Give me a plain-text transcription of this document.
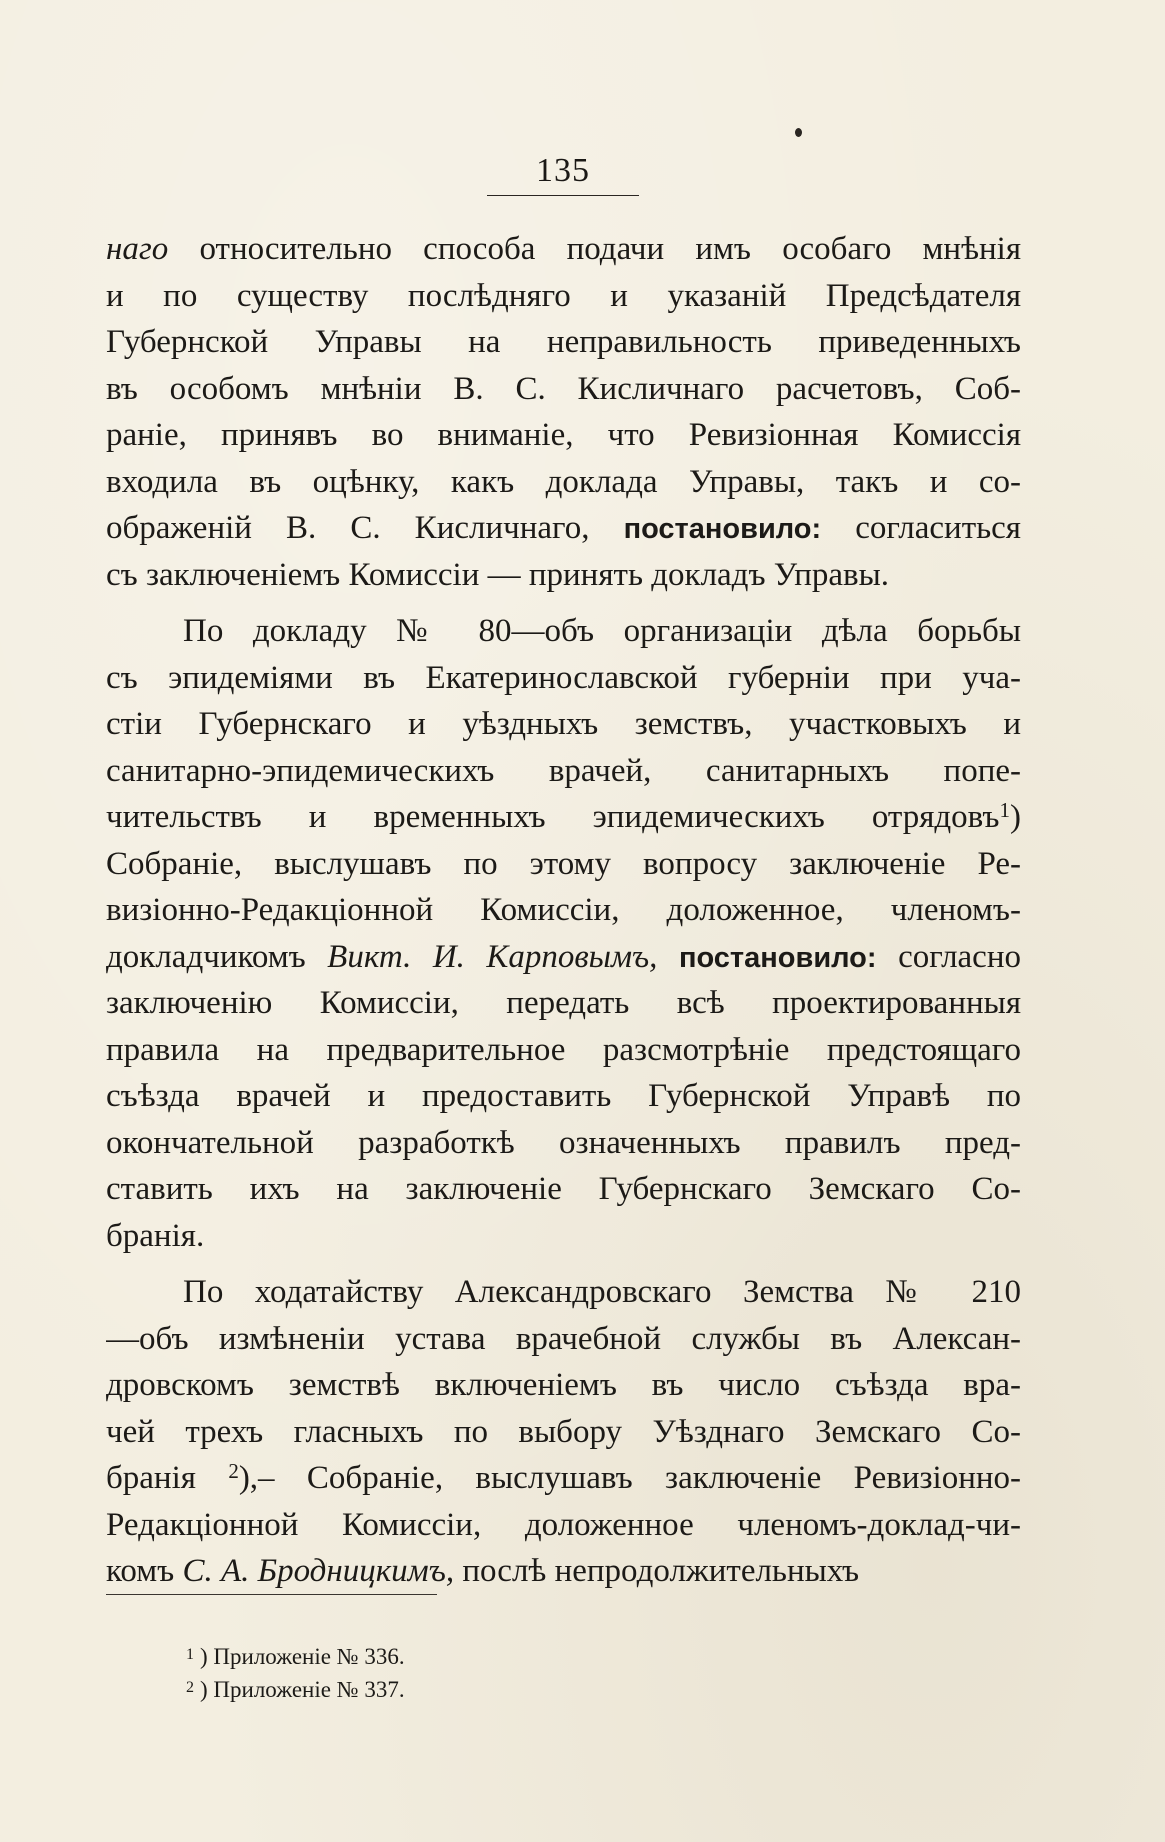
135
наго относительно способа подачи имъ особаго мнѣнія
и по существу послѣдняго и указаній Предсѣдателя
Губернской Управы на неправильность приведенныхъ
въ особомъ мнѣніи В. С. Кисличнаго расчетовъ, Соб-
раніе, принявъ во вниманіе, что Ревизіонная Комиссія
входила въ оцѣнку, какъ доклада Управы, такъ и со-
ображеній В. С. Кисличнаго, постановило: согласиться
съ заключеніемъ Комиссіи — принять докладъ Управы.
По докладу № 80—объ организаціи дѣла борьбы
съ эпидеміями въ Екатеринославской губерніи при уча-
стіи Губернскаго и уѣздныхъ земствъ, участковыхъ и
санитарно-эпидемическихъ врачей, санитарныхъ попе-
чительствъ и временныхъ эпидемическихъ отрядовъ$^1$)
Собраніе, выслушавъ по этому вопросу заключеніе Ре-
визіонно-Редакціонной Комиссіи, доложенное, членомъ-
докладчикомъ Викт. И. Карповымъ, постановило: согласно
заключенію Комиссіи, передать всѣ проектированныя
правила на предварительное разсмотрѣніе предстоящаго
съѣзда врачей и предоставить Губернской Управѣ по
окончательной разработкѣ означенныхъ правилъ пред-
ставить ихъ на заключеніе Губернскаго Земскаго Со-
бранія.
По ходатайству Александровскаго Земства № 210
—объ измѣненіи устава врачебной службы въ Алексан-
дровскомъ земствѣ включеніемъ въ число съѣзда вра-
чей трехъ гласныхъ по выбору Уѣзднаго Земскаго Со-
бранія $^2$),– Собраніе, выслушавъ заключеніе Ревизіонно-
Редакціонной Комиссіи, доложенное членомъ-доклад-чи-
комъ С. А. Бродницкимъ, послѣ непродолжительныхъ
$^1$ ) Приложеніе № 336.
$^2$ ) Приложеніе № 337.
